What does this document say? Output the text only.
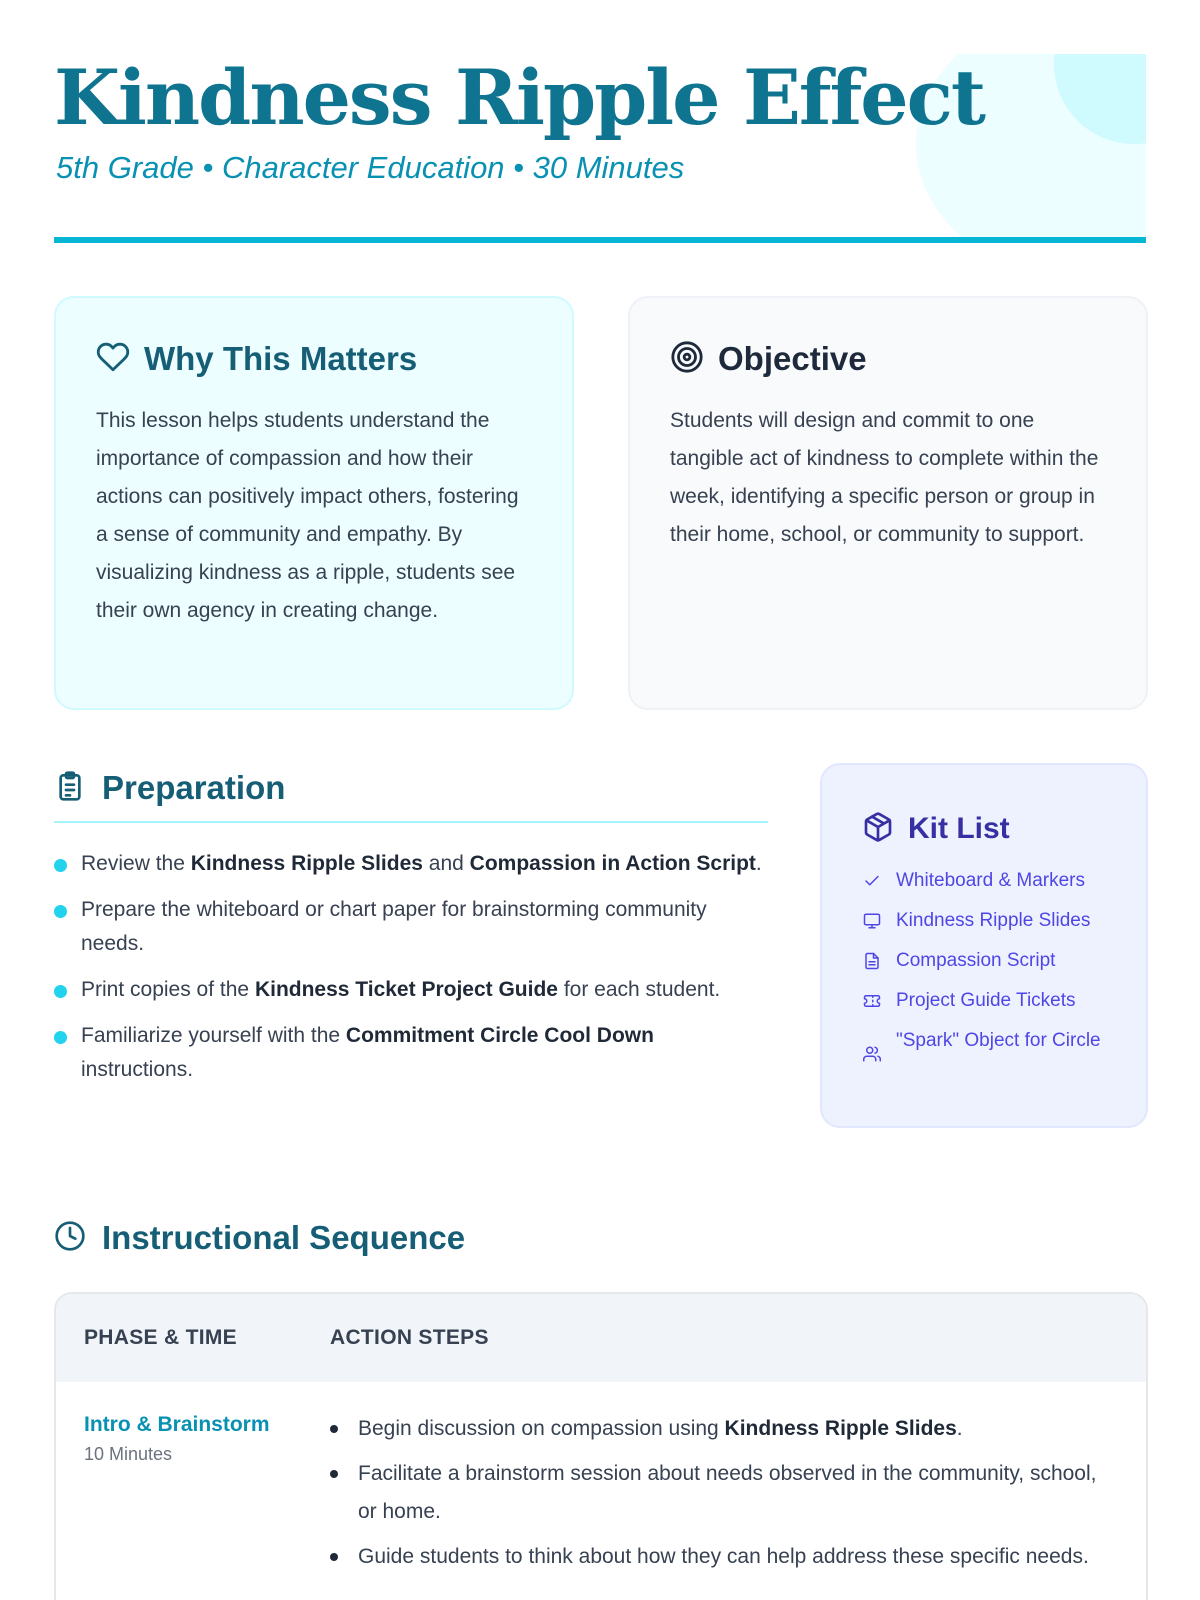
Kindness Ripple Effect
5th Grade • Character Education • 30 Minutes
Why This Matters

This lesson helps students understand the importance of compassion and how their actions can positively impact others, fostering a sense of community and empathy. By visualizing kindness as a ripple, students see their own agency in creating change.

Objective

Students will design and commit to one tangible act of kindness to complete within the week, identifying a specific person or group in their home, school, or community to support.

Preparation
Review the Kindness Ripple Slides and Compassion in Action Script.
Prepare the whiteboard or chart paper for brainstorming community needs.
Print copies of the Kindness Ticket Project Guide for each student.
Familiarize yourself with the Commitment Circle Cool Down instructions.
Kit List
Whiteboard & Markers
Kindness Ripple Slides
Compassion Script
Project Guide Tickets
"Spark" Object for Circle
Instructional Sequence
PHASE & TIME	ACTION STEPS
Intro & Brainstorm
10 Minutes
Begin discussion on compassion using Kindness Ripple Slides.
Facilitate a brainstorm session about needs observed in the community, school, or home.
Guide students to think about how they can help address these specific needs.
